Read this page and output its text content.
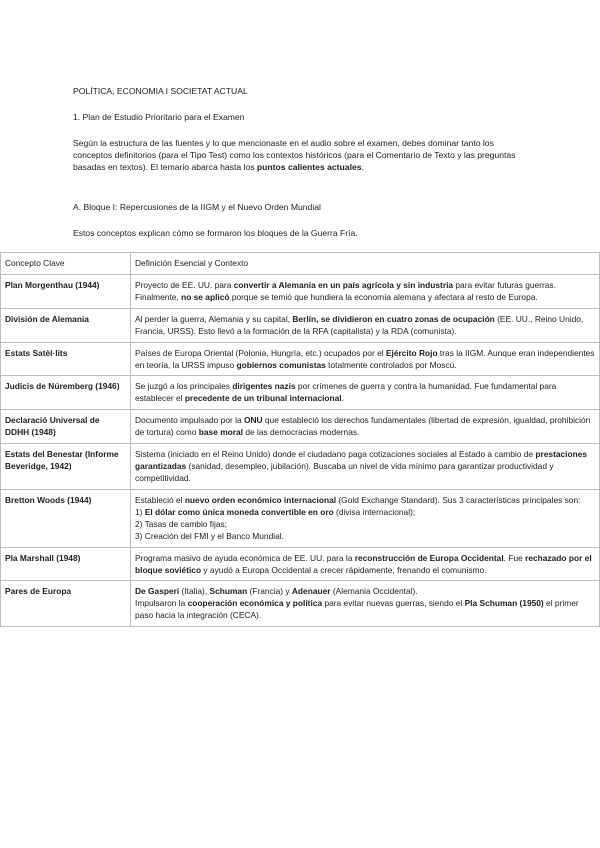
POLÍTICA, ECONOMIA I SOCIETAT ACTUAL

1. Plan de Estudio Prioritario para el Examen

Según la estructura de las fuentes y lo que mencionaste en el audio sobre el examen, debes dominar tanto los conceptos definitorios (para el Tipo Test) como los contextos históricos (para el Comentario de Texto y las preguntas basadas en textos). El temario abarca hasta los puntos calientes actuales.

A. Bloque I: Repercusiones de la IIGM y el Nuevo Orden Mundial

Estos conceptos explican cómo se formaron los bloques de la Guerra Fría.

Concepto Clave	Definición Esencial y Contexto
Plan Morgenthau (1944)	Proyecto de EE. UU. para convertir a Alemania en un país agrícola y sin industria para evitar futuras guerras. Finalmente, no se aplicó porque se temió que hundiera la economía alemana y afectara al resto de Europa.
División de Alemania	Al perder la guerra, Alemania y su capital, Berlín, se dividieron en cuatro zonas de ocupación (EE. UU., Reino Unido, Francia, URSS). Esto llevó a la formación de la RFA (capitalista) y la RDA (comunista).
Estats Satèl·lits	Países de Europa Oriental (Polonia, Hungría, etc.) ocupados por el Ejército Rojo tras la IIGM. Aunque eran independientes en teoría, la URSS impuso gobiernos comunistas totalmente controlados por Moscú.
Judicis de Núremberg (1946)	Se juzgó a los principales dirigentes nazis por crímenes de guerra y contra la humanidad. Fue fundamental para establecer el precedente de un tribunal internacional.
Declaració Universal de DDHH (1948)	Documento impulsado por la ONU que estableció los derechos fundamentales (libertad de expresión, igualdad, prohibición de tortura) como base moral de las democracias modernas.
Estats del Benestar (Informe Beveridge, 1942)	Sistema (iniciado en el Reino Unido) donde el ciudadano paga cotizaciones sociales al Estado a cambio de prestaciones garantizadas (sanidad, desempleo, jubilación). Buscaba un nivel de vida mínimo para garantizar productividad y competitividad.
Bretton Woods (1944)	Estableció el nuevo orden económico internacional (Gold Exchange Standard). Sus 3 características principales son:
1) El dólar como única moneda convertible en oro (divisa internacional);
2) Tasas de cambio fijas;
3) Creación del FMI y el Banco Mundial.
Pla Marshall (1948)	Programa masivo de ayuda económica de EE. UU. para la reconstrucción de Europa Occidental. Fue rechazado por el bloque soviético y ayudó a Europa Occidental a crecer rápidamente, frenando el comunismo.
Pares de Europa	De Gasperi (Italia), Schuman (Francia) y Adenauer (Alemania Occidental).
Impulsaron la cooperación económica y política para evitar nuevas guerras, siendo el Pla Schuman (1950) el primer paso hacia la integración (CECA).
